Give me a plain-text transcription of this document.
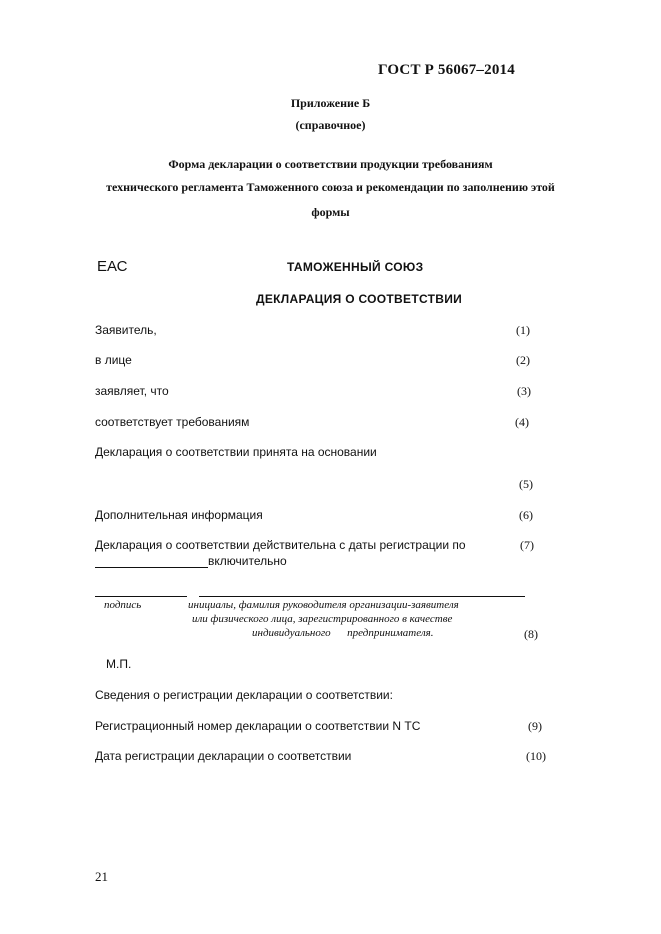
ГОСТ Р 56067–2014
Приложение Б
(справочное)
Форма декларации о соответствии продукции требованиям
технического регламента Таможенного союза и рекомендации по заполнению этой
формы
ЕАС	ТАМОЖЕННЫЙ СОЮЗ
ДЕКЛАРАЦИЯ О СООТВЕТСТВИИ
Заявитель,	(1)
в лице	(2)
заявляет, что	(3)
соответствует требованиям	(4)
Декларация о соответствии принята на основании
(5)
Дополнительная информация	(6)
Декларация о соответствии действительна с даты регистрации по	(7)
включительно
подпись	инициалы, фамилия руководителя организации-заявителя
или физического лица, зарегистрированного в качестве
индивидуального      предпринимателя.	(8)
М.П.
Сведения о регистрации декларации о соответствии:
Регистрационный номер декларации о соответствии N ТС	(9)
Дата регистрации декларации о соответствии	(10)
21
